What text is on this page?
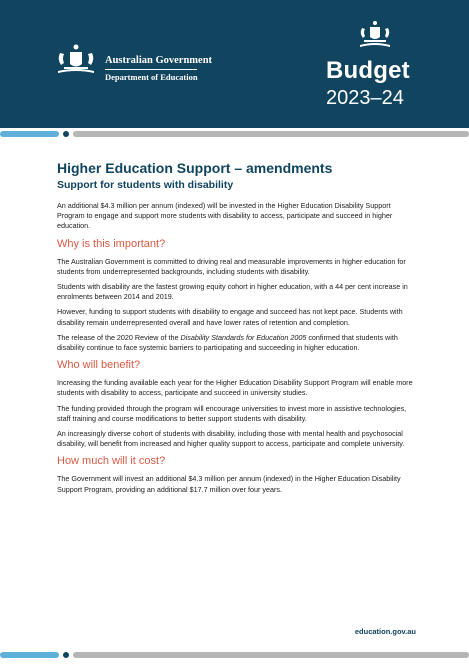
Australian Government
Department of Education	Budget
2023–24
Higher Education Support – amendments
Support for students with disability

An additional $4.3 million per annum (indexed) will be invested in the Higher Education Disability Support Program to engage and support more students with disability to access, participate and succeed in higher education.

Why is this important?

The Australian Government is committed to driving real and measurable improvements in higher education for students from underrepresented backgrounds, including students with disability.

Students with disability are the fastest growing equity cohort in higher education, with a 44 per cent increase in enrolments between 2014 and 2019.

However, funding to support students with disability to engage and succeed has not kept pace. Students with disability remain underrepresented overall and have lower rates of retention and completion.

The release of the 2020 Review of the Disability Standards for Education 2005 confirmed that students with disability continue to face systemic barriers to participating and succeeding in higher education.

Who will benefit?

Increasing the funding available each year for the Higher Education Disability Support Program will enable more students with disability to access, participate and succeed in university studies.

The funding provided through the program will encourage universities to invest more in assistive technologies, staff training and course modifications to better support students with disability.

An increasingly diverse cohort of students with disability, including those with mental health and psychosocial disability, will benefit from increased and higher quality support to access, participate and complete university.

How much will it cost?

The Government will invest an additional $4.3 million per annum (indexed) in the Higher Education Disability Support Program, providing an additional $17.7 million over four years.

education.gov.au
